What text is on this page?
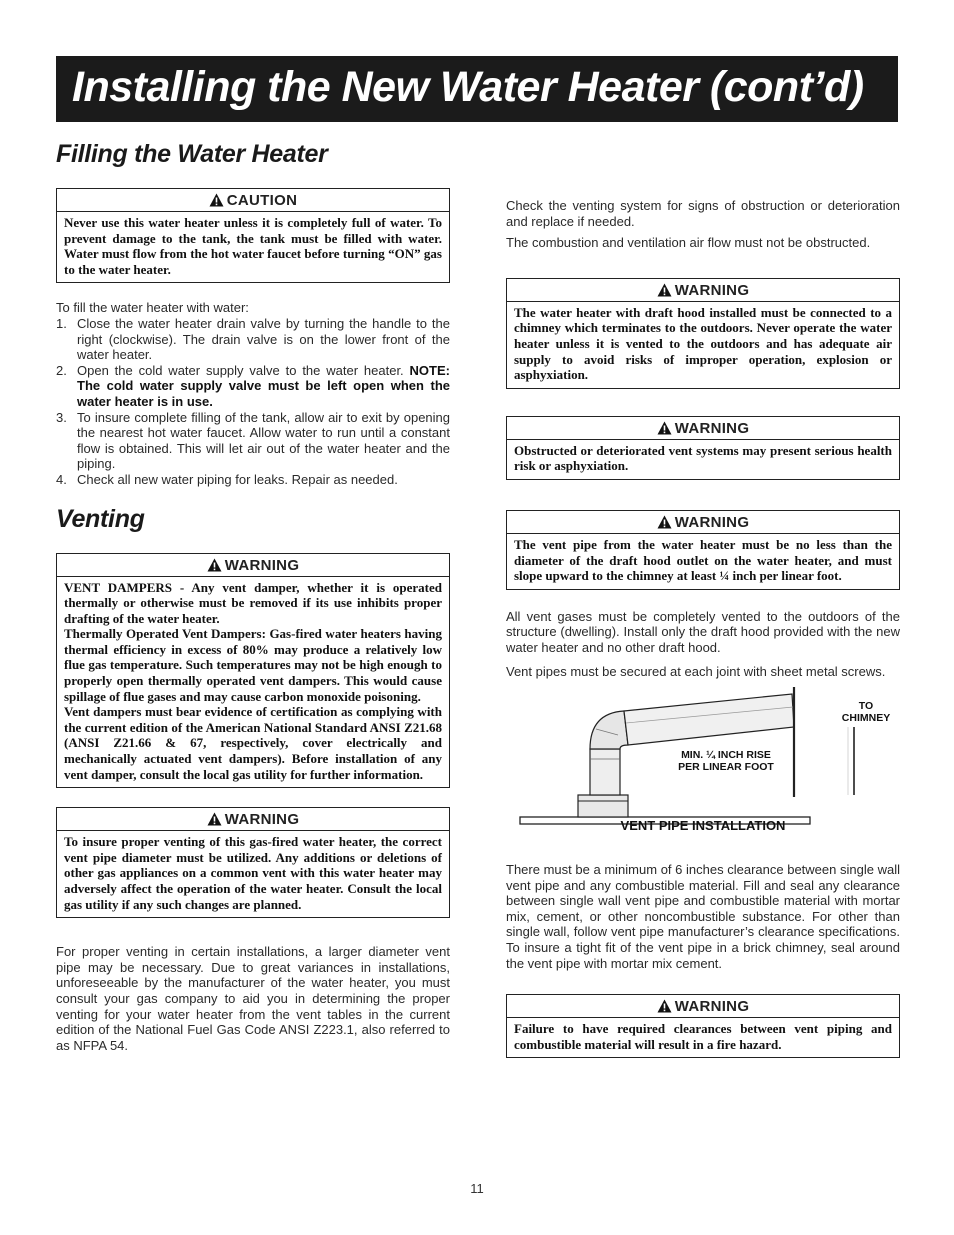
Installing the New Water Heater (cont’d)
Filling the Water Heater
CAUTION
Never use this water heater unless it is completely full of water. To prevent damage to the tank, the tank must be filled with water. Water must flow from the hot water faucet before turning “ON” gas to the water heater.

To fill the water heater with water:

1. Close the water heater drain valve by turning the handle to the right (clockwise). The drain valve is on the lower front of the water heater.
2. Open the cold water supply valve to the water heater. NOTE: The cold water supply valve must be left open when the water heater is in use.
3. To insure complete filling of the tank, allow air to exit by opening the nearest hot water faucet. Allow water to run until a constant flow is obtained. This will let air out of the water heater and the piping.
4. Check all new water piping for leaks. Repair as needed.
Venting
WARNING

VENT DAMPERS - Any vent damper, whether it is operated thermally or otherwise must be removed if its use inhibits proper drafting of the water heater.

Thermally Operated Vent Dampers: Gas-fired water heaters having thermal efficiency in excess of 80% may produce a relatively low flue gas temperature. Such temperatures may not be high enough to properly open thermally operated vent dampers. This would cause spillage of flue gases and may cause carbon monoxide poisoning.

Vent dampers must bear evidence of certification as complying with the current edition of the American National Standard ANSI Z21.68 (ANSI Z21.66 & 67, respectively, cover electrically and mechanically actuated vent dampers). Before installation of any vent damper, consult the local gas utility for further information.

WARNING
To insure proper venting of this gas-fired water heater, the correct vent pipe diameter must be utilized. Any additions or deletions of other gas appliances on a common vent with this water heater may adversely affect the operation of the water heater. Consult the local gas utility if any such changes are planned.
For proper venting in certain installations, a larger diameter vent pipe may be necessary. Due to great variances in installations, unforeseeable by the manufacturer of the water heater, you must consult your gas company to aid you in determining the proper venting for your water heater from the vent tables in the current edition of the National Fuel Gas Code ANSI Z223.1, also referred to as NFPA 54.
Check the venting system for signs of obstruction or deterioration and replace if needed.
The combustion and ventilation air flow must not be obstructed.
WARNING
The water heater with draft hood installed must be connected to a chimney which terminates to the outdoors. Never operate the water heater unless it is vented to the outdoors and has adequate air supply to avoid risks of improper operation, explosion or asphyxiation.
WARNING
Obstructed or deteriorated vent systems may present serious health risk or asphyxiation.
WARNING
The vent pipe from the water heater must be no less than the diameter of the draft hood outlet on the water heater, and must slope upward to the chimney at least ¼ inch per linear foot.
All vent gases must be completely vented to the outdoors of the structure (dwelling). Install only the draft hood provided with the new water heater and no other draft hood.
Vent pipes must be secured at each joint with sheet metal screws.
TO
CHIMNEY
MIN. ¼ INCH RISE
PER LINEAR FOOT
VENT PIPE INSTALLATION
There must be a minimum of 6 inches clearance between single wall vent pipe and any combustible material. Fill and seal any clearance between single wall vent pipe and combustible material with mortar mix, cement, or other noncombustible substance. For other than single wall, follow vent pipe manufacturer’s clearance specifications. To insure a tight fit of the vent pipe in a brick chimney, seal around the vent pipe with mortar mix cement.
WARNING
Failure to have required clearances between vent piping and combustible material will result in a fire hazard.
11
